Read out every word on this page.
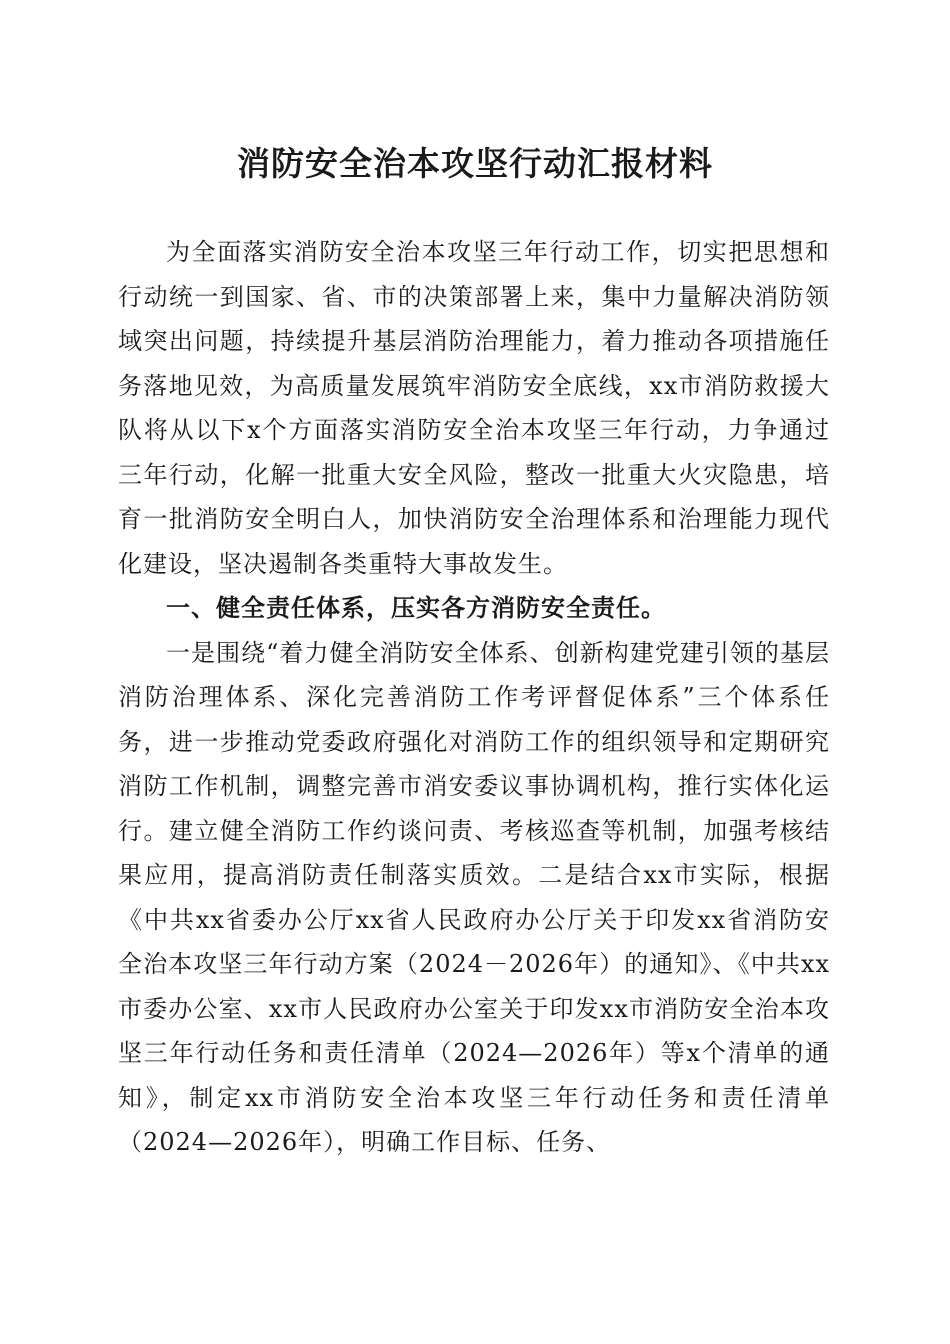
消防安全治本攻坚行动汇报材料

为全面落实消防安全治本攻坚三年行动工作，切实把思想和行动统一到国家、省、市的决策部署上来，集中力量解决消防领域突出问题，持续提升基层消防治理能力，着力推动各项措施任务落地见效，为高质量发展筑牢消防安全底线，xx市消防救援大队将从以下x个方面落实消防安全治本攻坚三年行动，力争通过三年行动，化解一批重大安全风险，整改一批重大火灾隐患，培育一批消防安全明白人，加快消防安全治理体系和治理能力现代化建设，坚决遏制各类重特大事故发生。

一、健全责任体系，压实各方消防安全责任。

一是围绕“着力健全消防安全体系、创新构建党建引领的基层消防治理体系、深化完善消防工作考评督促体系”三个体系任务，进一步推动党委政府强化对消防工作的组织领导和定期研究消防工作机制，调整完善市消安委议事协调机构，推行实体化运行。建立健全消防工作约谈问责、考核巡查等机制，加强考核结果应用，提高消防责任制落实质效。二是结合xx市实际，根据《中共xx省委办公厅xx省人民政府办公厅关于印发xx省消防安全治本攻坚三年行动方案（2024－2026年）的通知》、《中共xx市委办公室、xx市人民政府办公室关于印发xx市消防安全治本攻坚三年行动任务和责任清单（2024—2026年）等x个清单的通知》，制定xx市消防安全治本攻坚三年行动任务和责任清单（2024—2026年），明确工作目标、任务、
